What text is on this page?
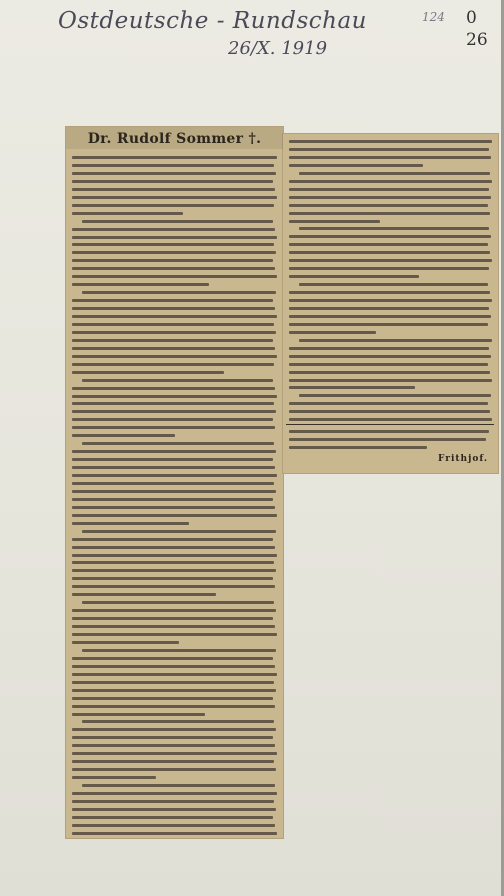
Ostdeutsche - Rundschau
26/X. 1919
124 0
26
Dr. Rudolf Sommer †.
Frithjof.
